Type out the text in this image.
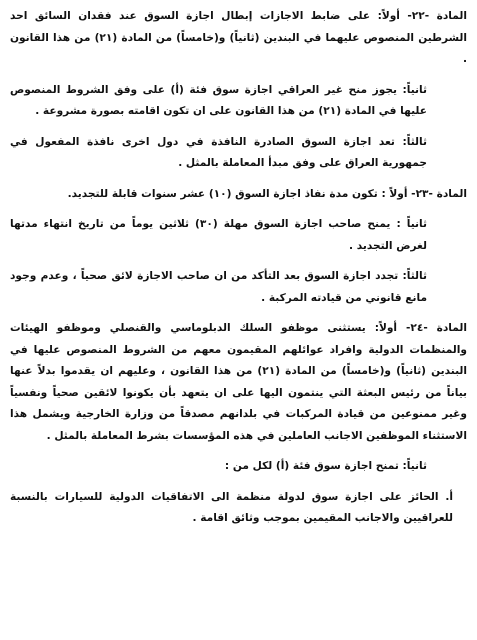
المادة -٢٢- أولاً: على ضابط الاجازات إبطال اجازة السوق عند فقدان السائق احد الشرطين المنصوص عليهما في البندين (ثانياً) و(خامساً) من المادة (٢١) من هذا القانون .

ثانياً: يجوز منح غير العراقي اجازة سوق فئة (أ) على وفق الشروط المنصوص عليها في المادة (٢١) من هذا القانون على ان تكون اقامته بصورة مشروعة .

ثالثاً: تعد اجازة السوق الصادرة النافذة في دول اخرى نافذة المفعول في جمهورية العراق على وفق مبدأ المعاملة بالمثل .

المادة -٢٣- أولاً : تكون مدة نفاذ اجازة السوق (١٠) عشر سنوات قابلة للتجديد.

ثانياً : يمنح صاحب اجازة السوق مهلة (٣٠) ثلاثين يوماً من تاريخ انتهاء مدتها لغرض التجديد .

ثالثاً: تجدد اجازة السوق بعد التأكد من ان صاحب الاجازة لائق صحياً ، وعدم وجود مانع قانوني من قيادته المركبة .

المادة -٢٤- أولاً: يستثنى موظفو السلك الدبلوماسي والقنصلي وموظفو الهيئات والمنظمات الدولية وافراد عوائلهم المقيمون معهم من الشروط المنصوص عليها في البندين (ثانياً) و(خامساً) من المادة (٢١) من هذا القانون ، وعليهم ان يقدموا بدلاً عنها بياناً من رئيس البعثة التي ينتمون اليها على ان يتعهد بأن يكونوا لائقين صحياً ونفسياً وغير ممنوعين من قيادة المركبات في بلدانهم مصدقاً من وزارة الخارجية ويشمل هذا الاستثناء الموظفين الاجانب العاملين في هذه المؤسسات بشرط المعاملة بالمثل .

ثانياً: تمنح اجازة سوق فئة (أ) لكل من :

أ. الحائز على اجازة سوق لدولة منظمة الى الاتفاقيات الدولية للسيارات بالنسبة للعراقيين والاجانب المقيمين بموجب وثائق اقامة .
